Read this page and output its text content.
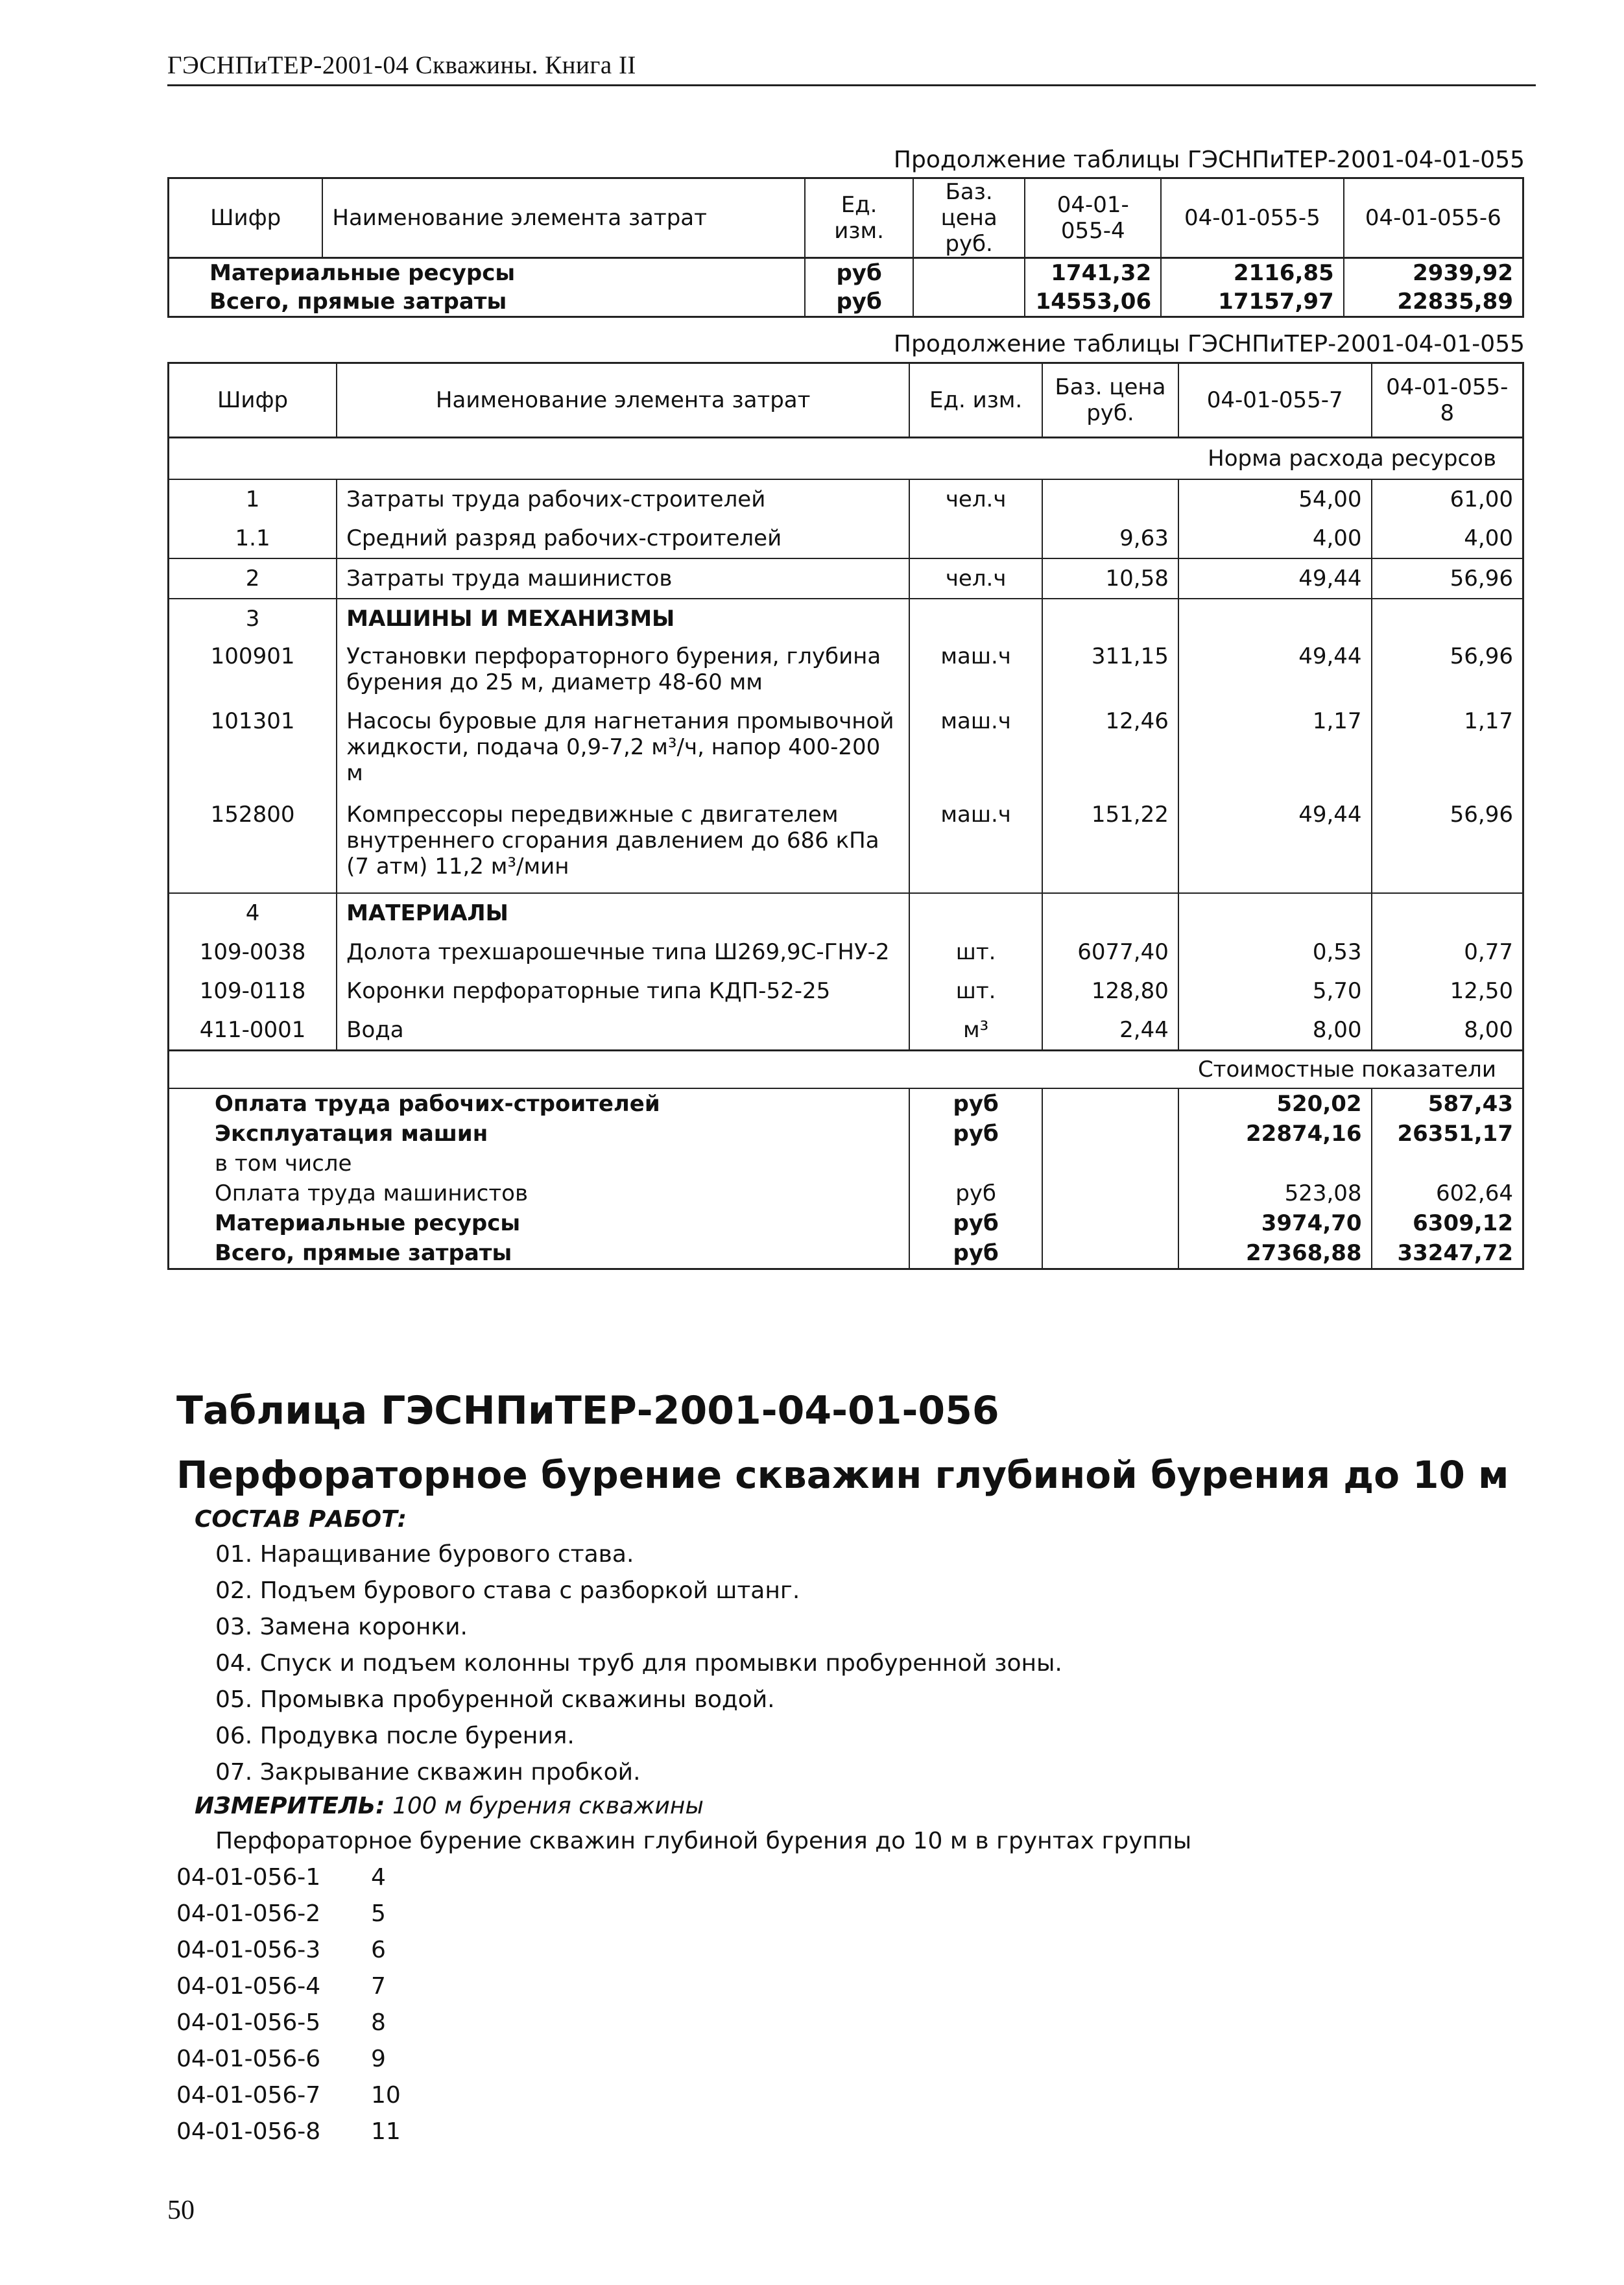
ГЭСНПиТЕР-2001-04 Скважины. Книга II
Продолжение таблицы ГЭСНПиТЕР-2001-04-01-055
Шифр	Наименование элемента затрат	Ед. изм.	Баз. цена руб.	04-01-055-4	04-01-055-5	04-01-055-6
Материальные ресурсы		руб		1741,32	2116,85	2939,92
Всего, прямые затраты		руб		14553,06	17157,97	22835,89
Продолжение таблицы ГЭСНПиТЕР-2001-04-01-055
Шифр	Наименование элемента затрат	Ед. изм.	Баз. цена руб.	04-01-055-7	04-01-055-8
Норма расхода ресурсов					
1	Затраты труда рабочих-строителей	чел.ч		54,00	61,00
1.1	Средний разряд рабочих-строителей		9,63	4,00	4,00
2	Затраты труда машинистов	чел.ч	10,58	49,44	56,96
3	МАШИНЫ И МЕХАНИЗМЫ				
100901	Установки перфораторного бурения, глубина бурения до 25 м, диаметр 48-60 мм	маш.ч	311,15	49,44	56,96
101301	Насосы буровые для нагнетания промывочной жидкости, подача 0,9-7,2 м³/ч, напор 400-200 м	маш.ч	12,46	1,17	1,17
152800	Компрессоры передвижные с двигателем внутреннего сгорания давлением до 686 кПа (7 атм) 11,2 м³/мин	маш.ч	151,22	49,44	56,96
4	МАТЕРИАЛЫ				
109-0038	Долота трехшарошечные типа Ш269,9С-ГНУ-2	шт.	6077,40	0,53	0,77
109-0118	Коронки перфораторные типа КДП-52-25	шт.	128,80	5,70	12,50
411-0001	Вода	м³	2,44	8,00	8,00
Стоимостные показатели					
Оплата труда рабочих-строителей		руб		520,02	587,43
Эксплуатация машин		руб		22874,16	26351,17
в том числе					
Оплата труда машинистов		руб		523,08	602,64
Материальные ресурсы		руб		3974,70	6309,12
Всего, прямые затраты		руб		27368,88	33247,72
Таблица ГЭСНПиТЕР-2001-04-01-056
Перфораторное бурение скважин глубиной бурения до 10 м
СОСТАВ РАБОТ:
01. Наращивание бурового става.
02. Подъем бурового става с разборкой штанг.
03. Замена коронки.
04. Спуск и подъем колонны труб для промывки пробуренной зоны.
05. Промывка пробуренной скважины водой.
06. Продувка после бурения.
07. Закрывание скважин пробкой.
ИЗМЕРИТЕЛЬ: 100 м бурения скважины
Перфораторное бурение скважин глубиной бурения до 10 м в грунтах группы
04-01-056-1 4
04-01-056-2 5
04-01-056-3 6
04-01-056-4 7
04-01-056-5 8
04-01-056-6 9
04-01-056-7 10
04-01-056-8 11
50
